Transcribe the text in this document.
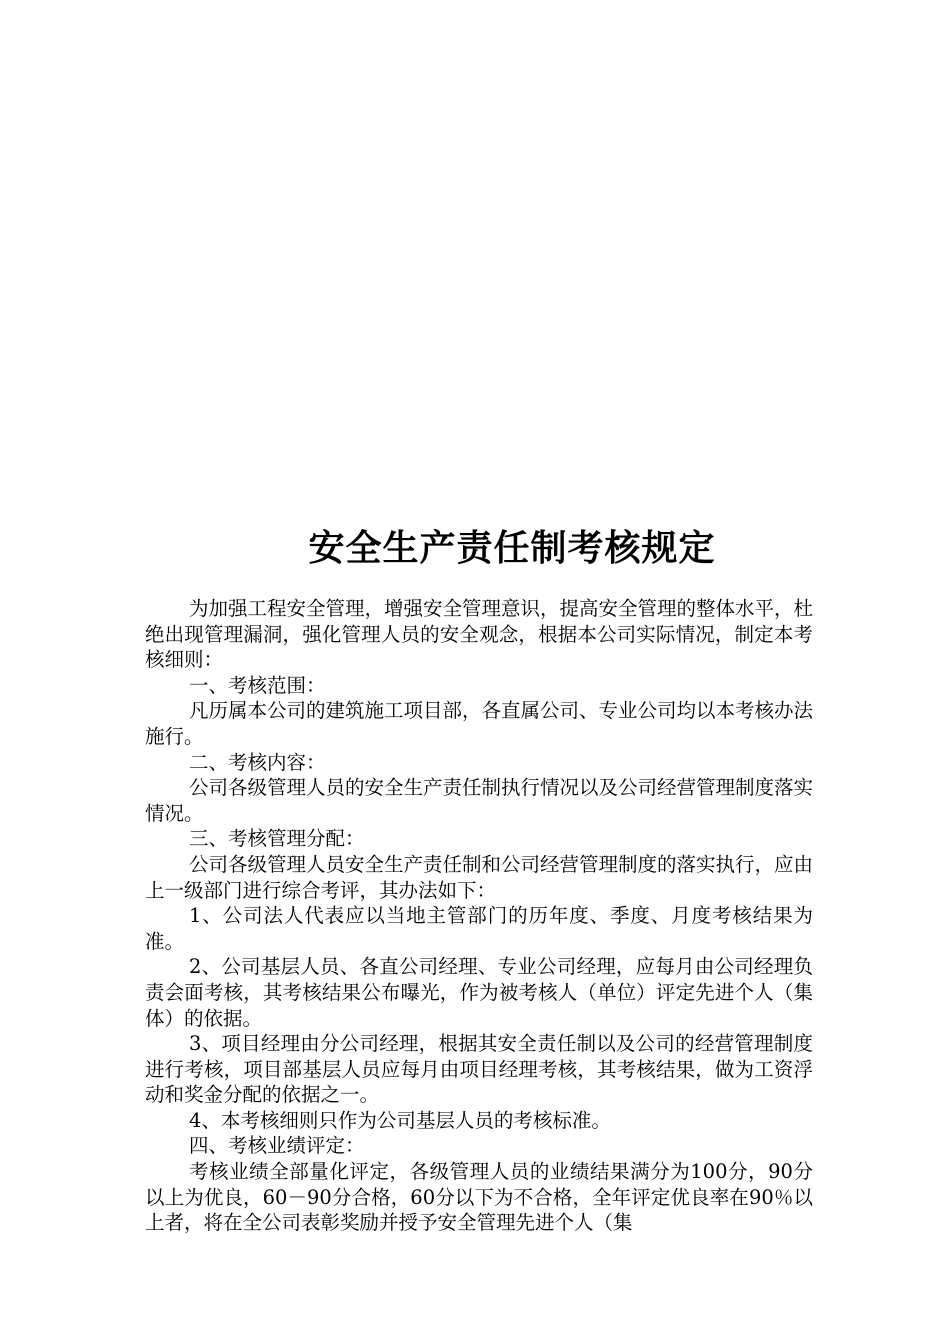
安全生产责任制考核规定

为加强工程安全管理，增强安全管理意识，提高安全管理的整体水平，杜绝出现管理漏洞，强化管理人员的安全观念，根据本公司实际情况，制定本考核细则：

一、考核范围：

凡历属本公司的建筑施工项目部，各直属公司、专业公司均以本考核办法施行。

二、考核内容：

公司各级管理人员的安全生产责任制执行情况以及公司经营管理制度落实情况。

三、考核管理分配：

公司各级管理人员安全生产责任制和公司经营管理制度的落实执行，应由上一级部门进行综合考评，其办法如下：

1、公司法人代表应以当地主管部门的历年度、季度、月度考核结果为准。

2、公司基层人员、各直公司经理、专业公司经理，应每月由公司经理负责会面考核，其考核结果公布曝光，作为被考核人（单位）评定先进个人（集体）的依据。

3、项目经理由分公司经理，根据其安全责任制以及公司的经营管理制度进行考核，项目部基层人员应每月由项目经理考核，其考核结果，做为工资浮动和奖金分配的依据之一。

4、本考核细则只作为公司基层人员的考核标准。

四、考核业绩评定：

考核业绩全部量化评定，各级管理人员的业绩结果满分为100分，90分以上为优良，60－90分合格，60分以下为不合格，全年评定优良率在90％以上者，将在全公司表彰奖励并授予安全管理先进个人（集
